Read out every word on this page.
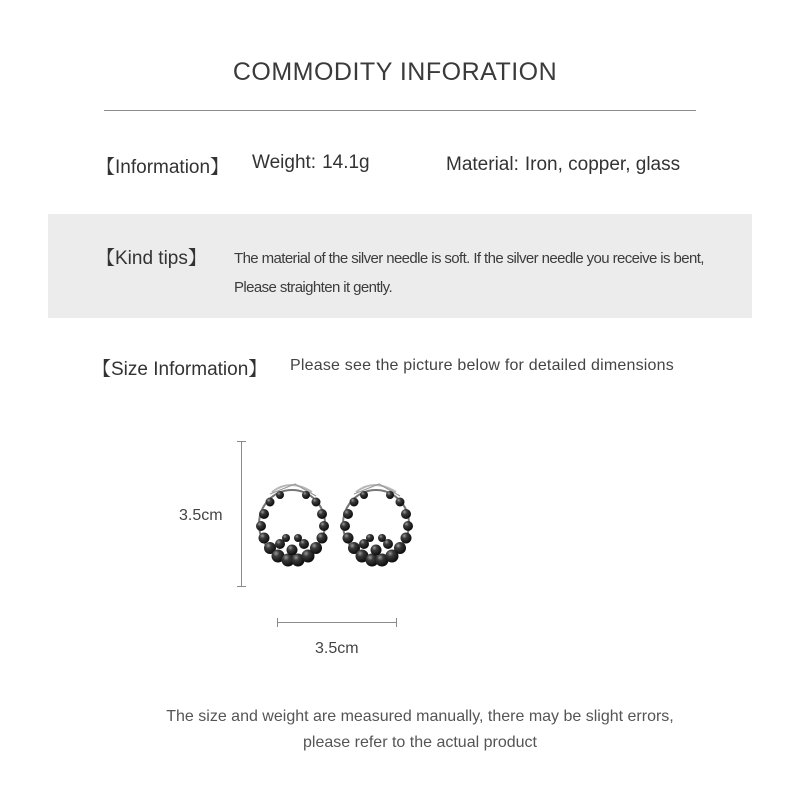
COMMODITY INFORATION
【Information】 Weight: 14.1g	Material: Iron, copper, glass
【Kind tips】 The material of the silver needle is soft. If the silver needle you receive is bent,
Please straighten it gently.
【Size Information】 Please see the picture below for detailed dimensions
3.5cm
3.5cm
The size and weight are measured manually, there may be slight errors,
please refer to the actual product
